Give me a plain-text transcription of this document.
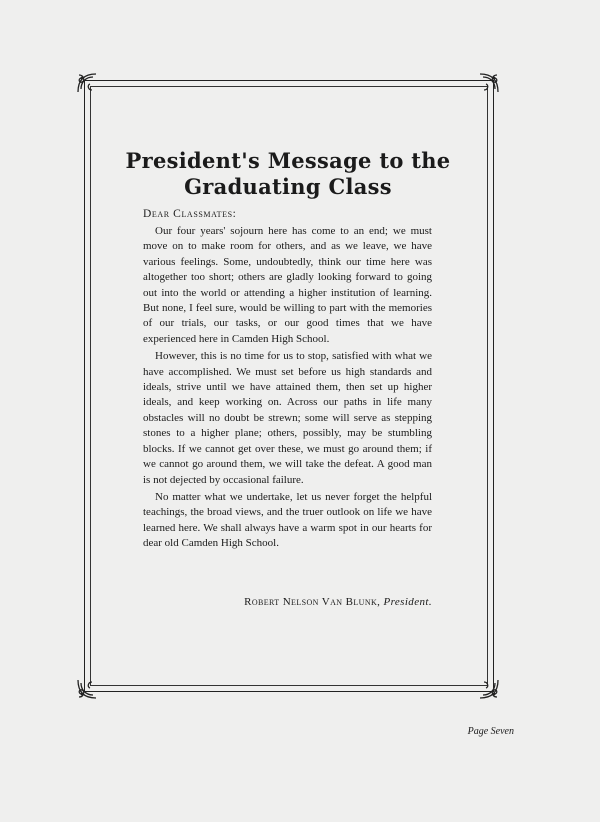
President's Message to the
Graduating Class
Dear Classmates:

Our four years' sojourn here has come to an end; we must move on to make room for others, and as we leave, we have various feelings. Some, undoubtedly, think our time here was altogether too short; others are gladly looking forward to going out into the world or attending a higher institution of learning. But none, I feel sure, would be willing to part with the memories of our trials, our tasks, or our good times that we have experienced here in Camden High School.

However, this is no time for us to stop, satisfied with what we have accomplished. We must set before us high standards and ideals, strive until we have attained them, then set up higher ideals, and keep working on. Across our paths in life many obstacles will no doubt be strewn; some will serve as stepping stones to a higher plane; others, possibly, may be stumbling blocks. If we cannot get over these, we must go around them; if we cannot go around them, we will take the defeat. A good man is not dejected by occasional failure.

No matter what we undertake, let us never forget the helpful teachings, the broad views, and the truer outlook on life we have learned here. We shall always have a warm spot in our hearts for dear old Camden High School.

Robert Nelson Van Blunk, President.
Page Seven
